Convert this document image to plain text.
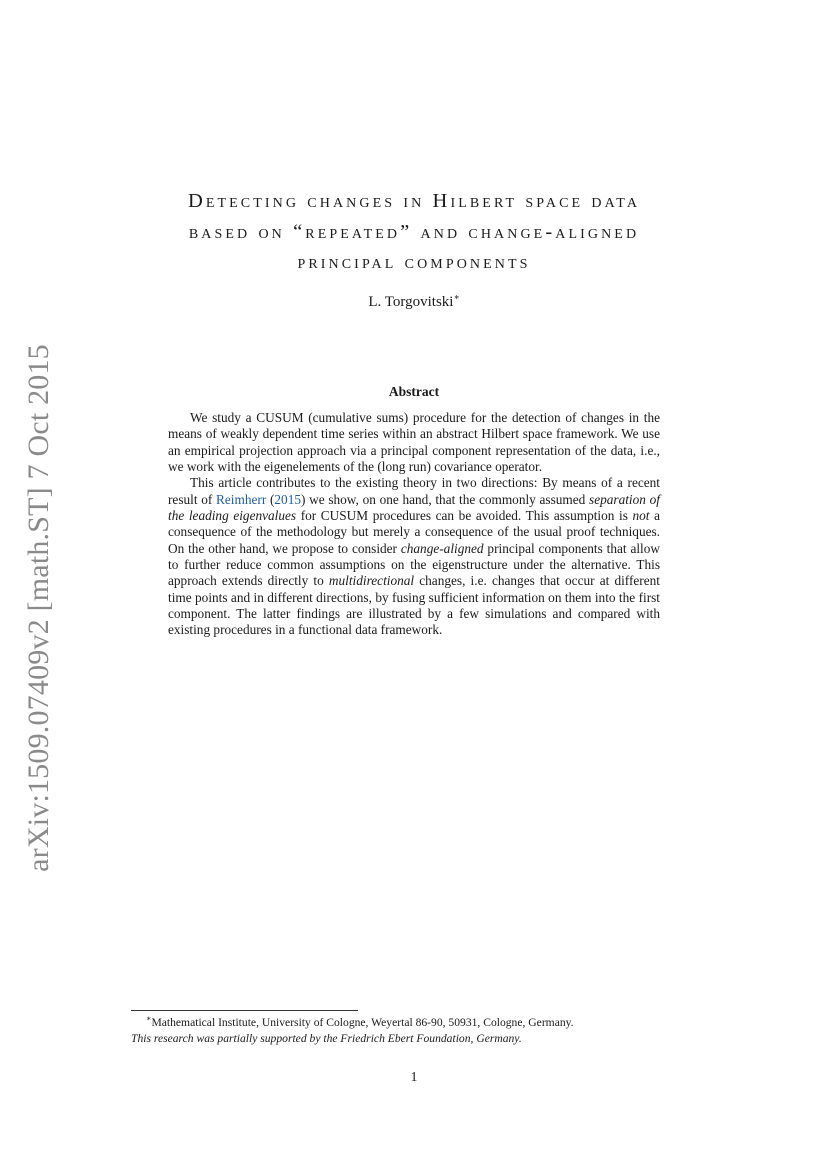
arXiv:1509.07409v2 [math.ST] 7 Oct 2015
Detecting changes in Hilbert space data
based on “repeated” and change-aligned
principal components
L. Torgovitski∗
Abstract

We study a CUSUM (cumulative sums) procedure for the detection of changes in the means of weakly dependent time series within an abstract Hilbert space framework. We use an empirical projection approach via a principal component representation of the data, i.e., we work with the eigenelements of the (long run) covariance operator.

This article contributes to the existing theory in two directions: By means of a recent result of Reimherr (2015) we show, on one hand, that the commonly assumed separation of the leading eigenvalues for CUSUM procedures can be avoided. This assumption is not a consequence of the methodology but merely a consequence of the usual proof techniques. On the other hand, we propose to consider change-aligned principal components that allow to further reduce common assumptions on the eigenstructure under the alternative. This approach extends directly to multidirectional changes, i.e. changes that occur at different time points and in different directions, by fusing sufficient information on them into the first component. The latter findings are illustrated by a few simulations and compared with existing procedures in a functional data framework.

∗Mathematical Institute, University of Cologne, Weyertal 86-90, 50931, Cologne, Germany.
This research was partially supported by the Friedrich Ebert Foundation, Germany.
1
